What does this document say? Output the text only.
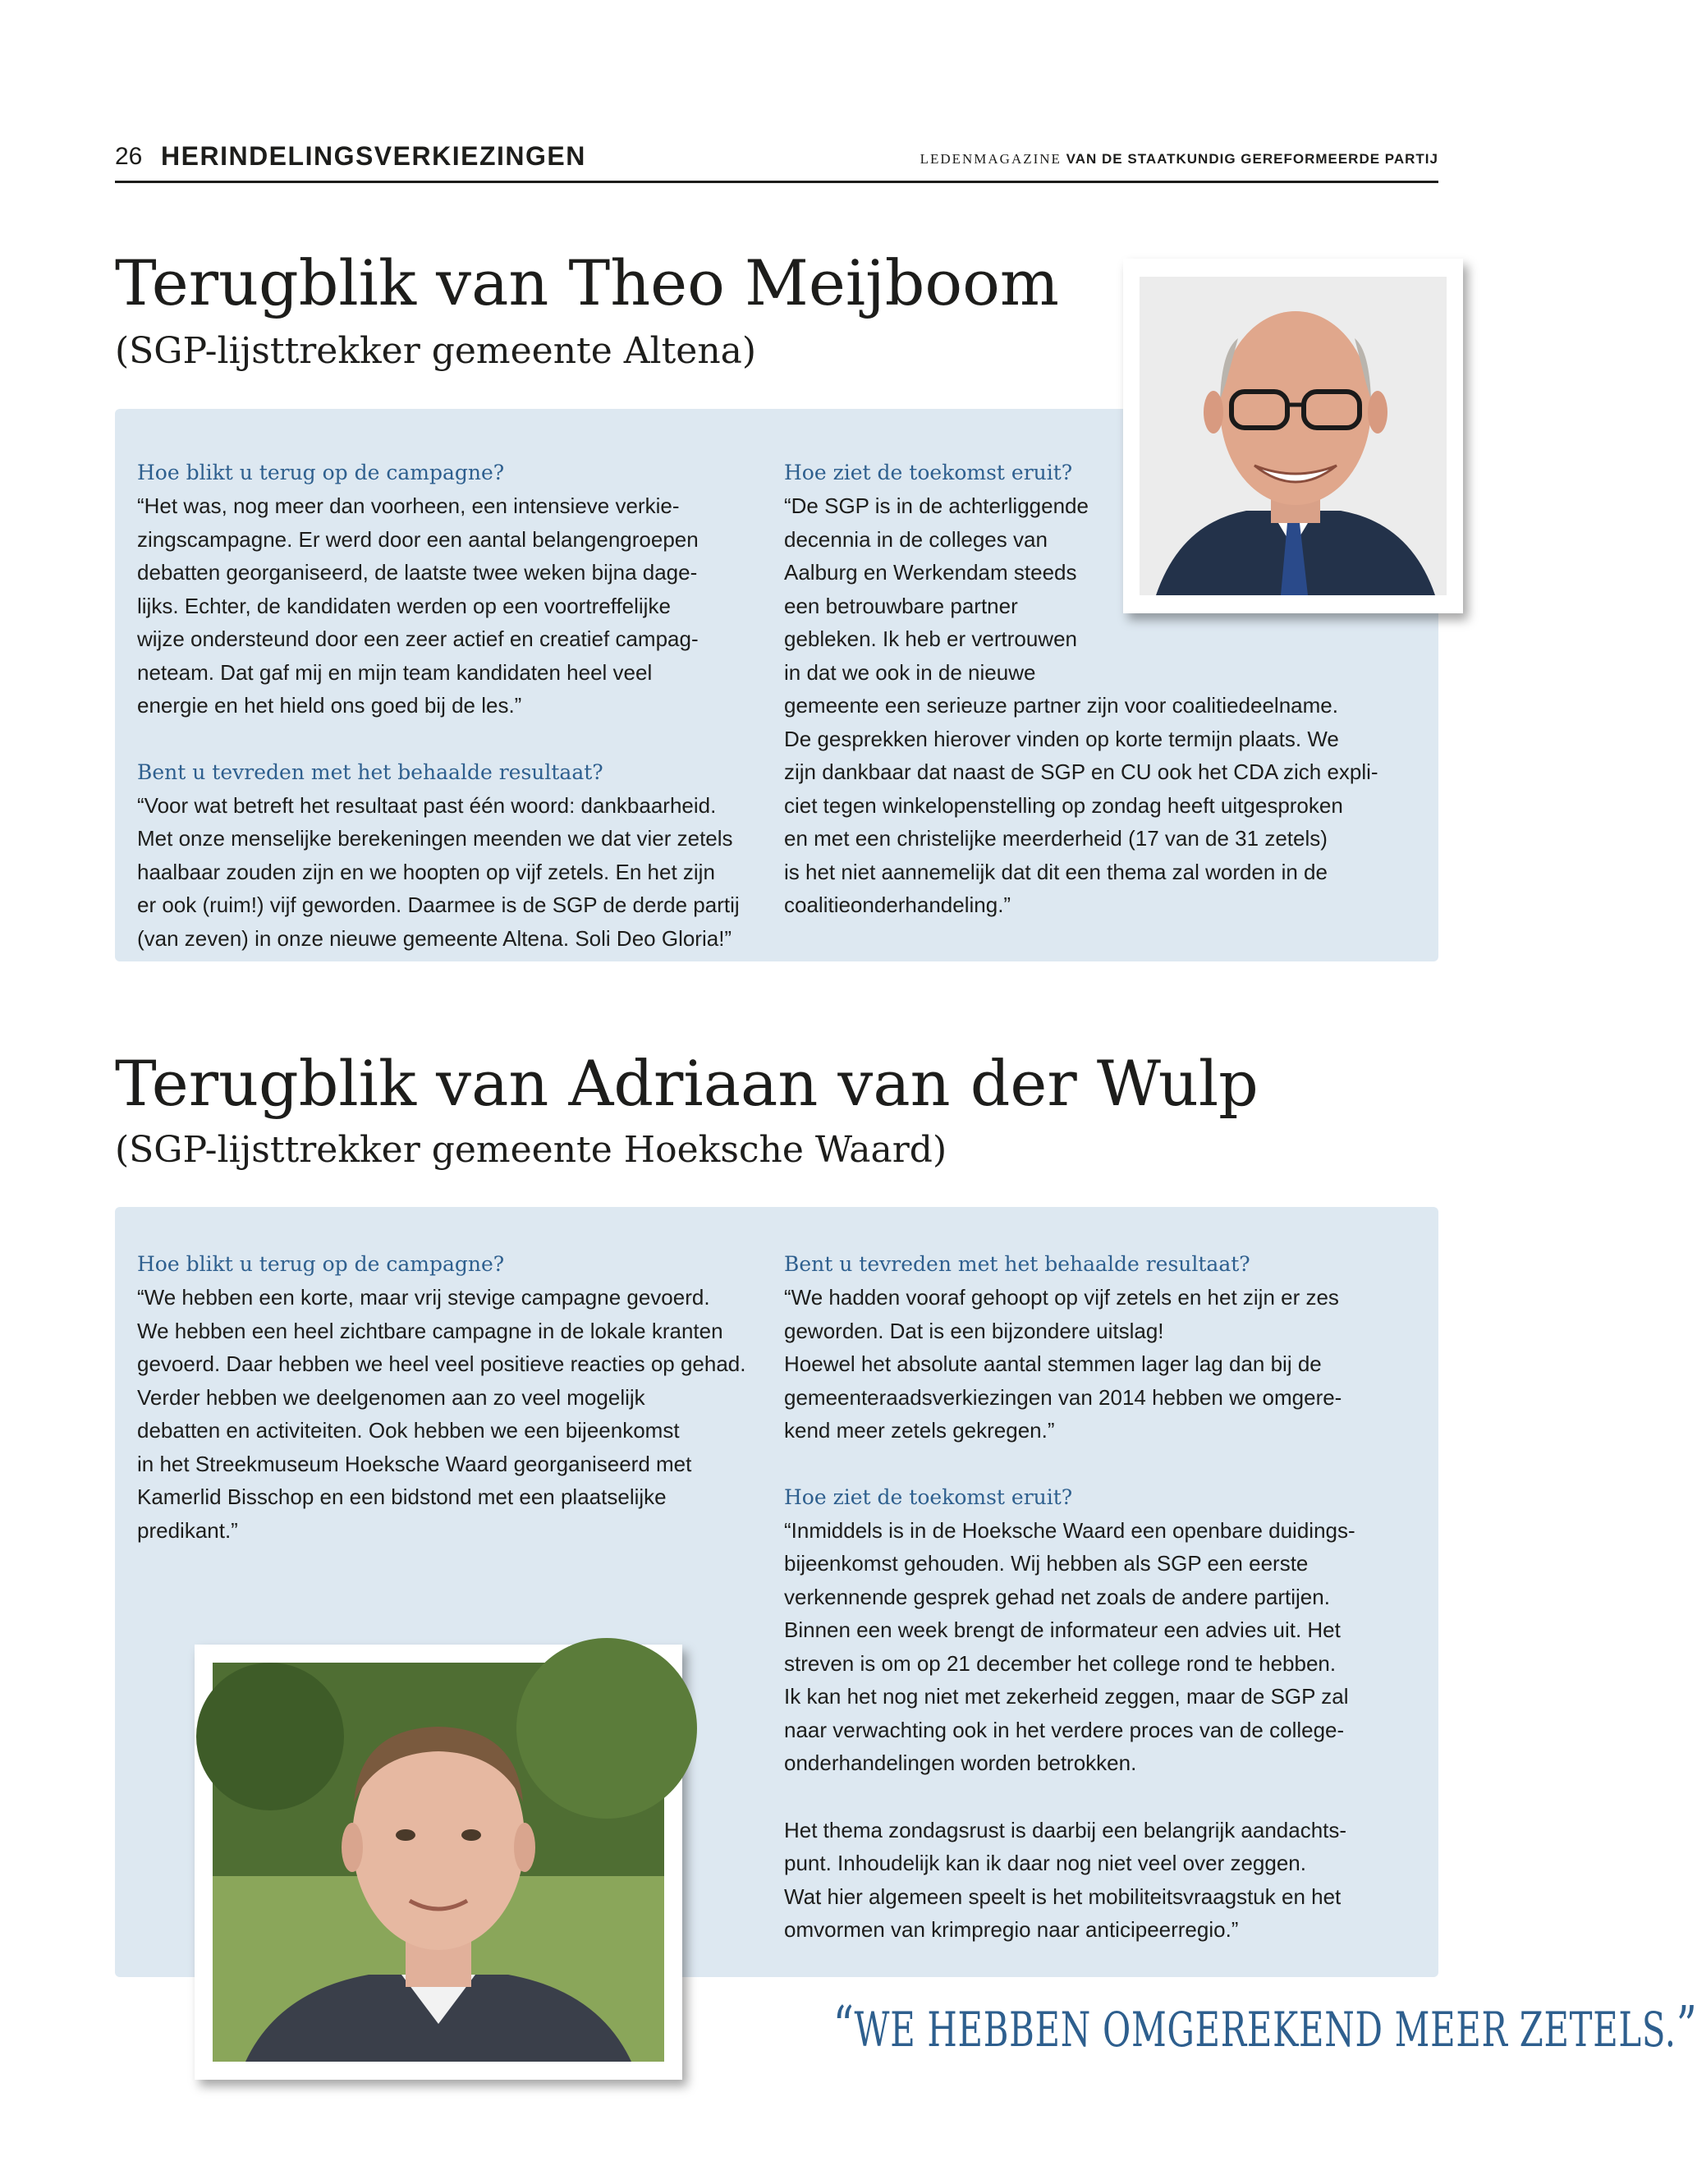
26 HERINDELINGSVERKIEZINGEN	LEDENMAGAZINE VAN DE STAATKUNDIG GEREFORMEERDE PARTIJ
Terugblik van Theo Meijboom
(SGP-lijsttrekker gemeente Altena)
Hoe blikt u terug op de campagne?
“Het was, nog meer dan voorheen, een intensieve verkie-
zingscampagne. Er werd door een aantal belangengroepen
debatten georganiseerd, de laatste twee weken bijna dage-
lijks. Echter, de kandidaten werden op een voortreffelijke
wijze ondersteund door een zeer actief en creatief campag-
neteam. Dat gaf mij en mijn team kandidaten heel veel
energie en het hield ons goed bij de les.”
Bent u tevreden met het behaalde resultaat?
“Voor wat betreft het resultaat past één woord: dankbaarheid.
Met onze menselijke berekeningen meenden we dat vier zetels
haalbaar zouden zijn en we hoopten op vijf zetels. En het zijn
er ook (ruim!) vijf geworden. Daarmee is de SGP de derde partij
(van zeven) in onze nieuwe gemeente Altena. Soli Deo Gloria!”
Hoe ziet de toekomst eruit?
“De SGP is in de achterliggende
decennia in de colleges van
Aalburg en Werkendam steeds
een betrouwbare partner
gebleken. Ik heb er vertrouwen
in dat we ook in de nieuwe
gemeente een serieuze partner zijn voor coalitiedeelname.
De gesprekken hierover vinden op korte termijn plaats. We
zijn dankbaar dat naast de SGP en CU ook het CDA zich expli-
ciet tegen winkelopenstelling op zondag heeft uitgesproken
en met een christelijke meerderheid (17 van de 31 zetels)
is het niet aannemelijk dat dit een thema zal worden in de
coalitieonderhandeling.”
Terugblik van Adriaan van der Wulp
(SGP-lijsttrekker gemeente Hoeksche Waard)
Hoe blikt u terug op de campagne?
“We hebben een korte, maar vrij stevige campagne gevoerd.
We hebben een heel zichtbare campagne in de lokale kranten
gevoerd. Daar hebben we heel veel positieve reacties op gehad.
Verder hebben we deelgenomen aan zo veel mogelijk
debatten en activiteiten. Ook hebben we een bijeenkomst
in het Streekmuseum Hoeksche Waard georganiseerd met
Kamerlid Bisschop en een bidstond met een plaatselijke
predikant.”
Bent u tevreden met het behaalde resultaat?
“We hadden vooraf gehoopt op vijf zetels en het zijn er zes
geworden. Dat is een bijzondere uitslag!
Hoewel het absolute aantal stemmen lager lag dan bij de
gemeenteraadsverkiezingen van 2014 hebben we omgere-
kend meer zetels gekregen.”
Hoe ziet de toekomst eruit?
“Inmiddels is in de Hoeksche Waard een openbare duidings-
bijeenkomst gehouden. Wij hebben als SGP een eerste
verkennende gesprek gehad net zoals de andere partijen.
Binnen een week brengt de informateur een advies uit. Het
streven is om op 21 december het college rond te hebben.
Ik kan het nog niet met zekerheid zeggen, maar de SGP zal
naar verwachting ook in het verdere proces van de college-
onderhandelingen worden betrokken.
Het thema zondagsrust is daarbij een belangrijk aandachts-
punt. Inhoudelijk kan ik daar nog niet veel over zeggen.
Wat hier algemeen speelt is het mobiliteitsvraagstuk en het
omvormen van krimpregio naar anticipeerregio.”
“WE HEBBEN OMGEREKEND MEER ZETELS.”
